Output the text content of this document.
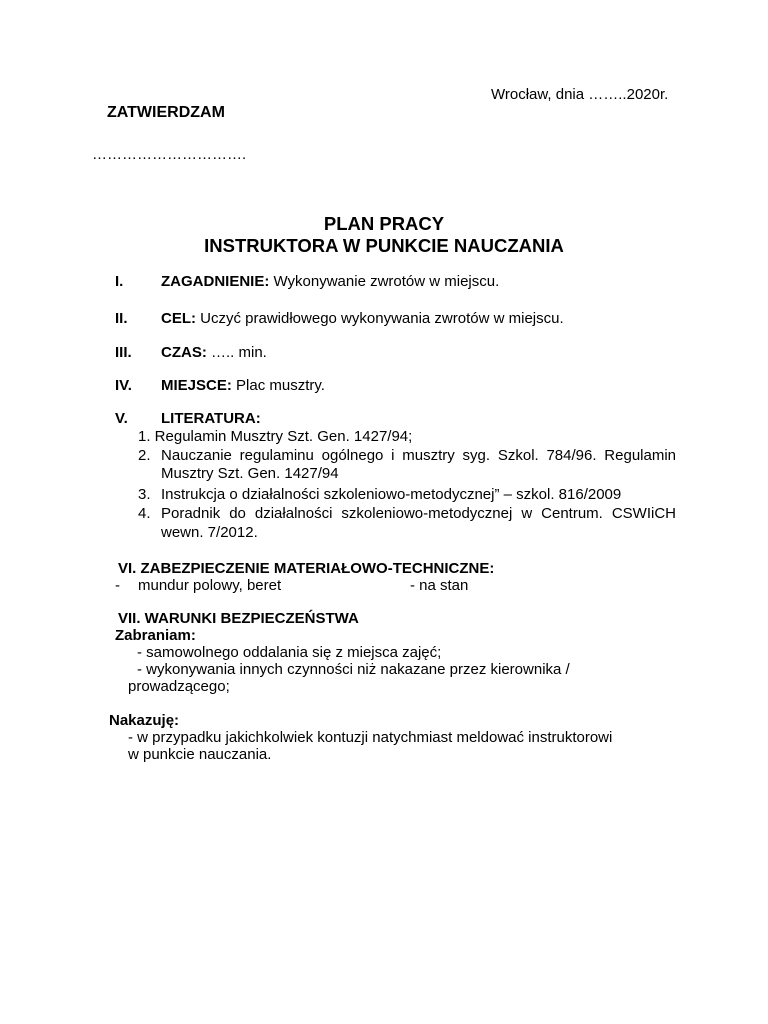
Wrocław, dnia ……..2020r.
ZATWIERDZAM
………………………….
PLAN PRACY
INSTRUKTORA W PUNKCIE NAUCZANIA
I.	ZAGADNIENIE: Wykonywanie zwrotów w miejscu.
II. CEL: Uczyć prawidłowego wykonywania zwrotów w miejscu.
III. CZAS: ….. min.
IV. MIEJSCE: Plac musztry.
V. LITERATURA:
1. Regulamin Musztry Szt. Gen. 1427/94;
2. Nauczanie regulaminu ogólnego i musztry syg. Szkol. 784/96. Regulamin
Musztry Szt. Gen. 1427/94
3. Instrukcja o działalności szkoleniowo-metodycznej” – szkol. 816/2009
4. Poradnik do działalności szkoleniowo-metodycznej w Centrum. CSWIiCH
wewn. 7/2012.
VI. ZABEZPIECZENIE MATERIAŁOWO-TECHNICZNE:
- mundur polowy, beret	- na stan
VII. WARUNKI BEZPIECZEŃSTWA
Zabraniam:
- samowolnego oddalania się z miejsca zajęć;
- wykonywania innych czynności niż nakazane przez kierownika /
prowadzącego;
Nakazuję:
- w przypadku jakichkolwiek kontuzji natychmiast meldować instruktorowi
w punkcie nauczania.
